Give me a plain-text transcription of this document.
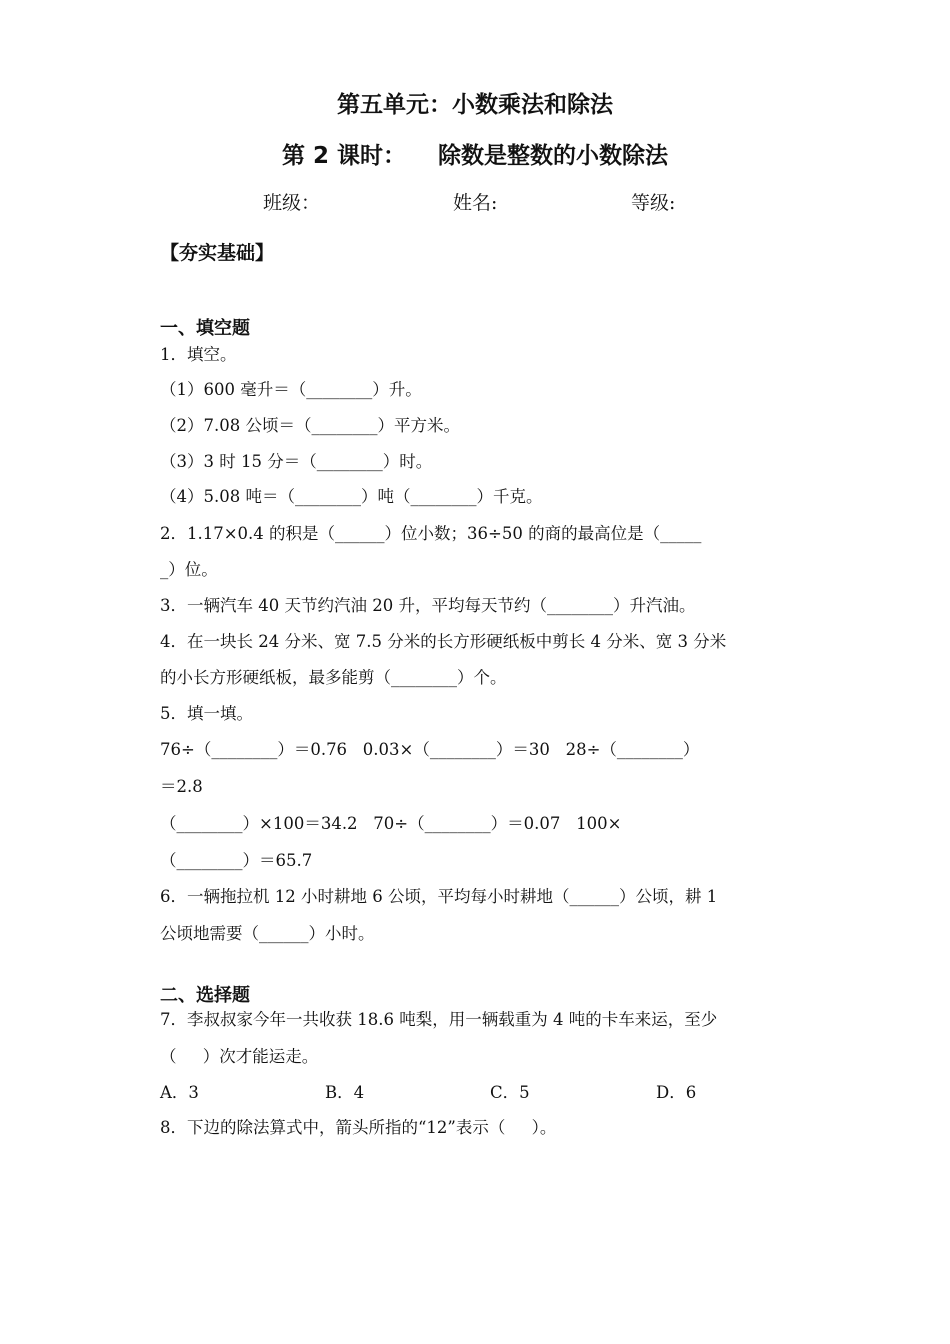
第五单元：小数乘法和除法
第 2 课时：    除数是整数的小数除法
班级：	姓名:	等级:
【夯实基础】
一、填空题
1．填空。
（1）600 毫升＝（________）升。
（2）7.08 公顷＝（________）平方米。
（3）3 时 15 分＝（________）时。
（4）5.08 吨＝（________）吨（________）千克。
2．1.17×0.4 的积是（______）位小数；36÷50 的商的最高位是（_____
_）位。
3．一辆汽车 40 天节约汽油 20 升，平均每天节约（________）升汽油。
4．在一块长 24 分米、宽 7.5 分米的长方形硬纸板中剪长 4 分米、宽 3 分米
的小长方形硬纸板，最多能剪（________）个。
5．填一填。
76÷（________）＝0.76   0.03×（________）＝30   28÷（________）
＝2.8
（________）×100＝34.2   70÷（________）＝0.07   100×
（________）＝65.7
6．一辆拖拉机 12 小时耕地 6 公顷，平均每小时耕地（______）公顷，耕 1
公顷地需要（______）小时。
二、选择题
7．李叔叔家今年一共收获 18.6 吨梨，用一辆载重为 4 吨的卡车来运，至少
（     ）次才能运走。
A．3	B．4	C．5	D．6
8．下边的除法算式中，箭头所指的“12”表示（     ）。
